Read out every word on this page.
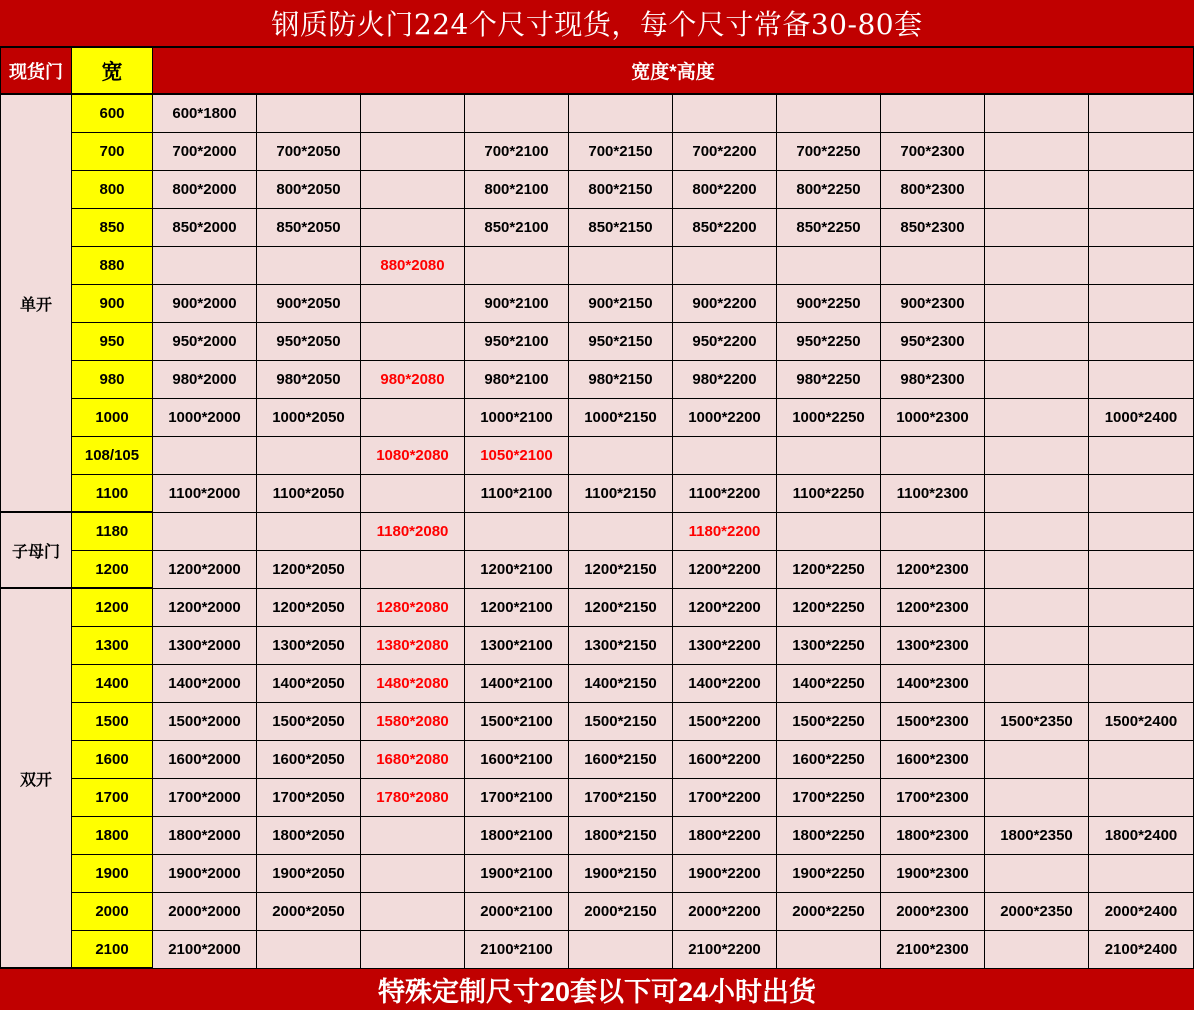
钢质防火门224个尺寸现货，每个尺寸常备30-80套
现货门	宽	宽度*高度
单开
600	600*1800
700	700*2000	700*2050	700*2100	700*2150	700*2200	700*2250	700*2300
800	800*2000	800*2050	800*2100	800*2150	800*2200	800*2250	800*2300
850	850*2000	850*2050	850*2100	850*2150	850*2200	850*2250	850*2300
880	880*2080
900	900*2000	900*2050	900*2100	900*2150	900*2200	900*2250	900*2300
950	950*2000	950*2050	950*2100	950*2150	950*2200	950*2250	950*2300
980	980*2000	980*2050	980*2080	980*2100	980*2150	980*2200	980*2250	980*2300
1000	1000*2000	1000*2050	1000*2100	1000*2150	1000*2200	1000*2250	1000*2300	1000*2400
108/105	1080*2080	1050*2100
1100	1100*2000	1100*2050	1100*2100	1100*2150	1100*2200	1100*2250	1100*2300
子母门
1180	1180*2080	1180*2200
1200	1200*2000	1200*2050	1200*2100	1200*2150	1200*2200	1200*2250	1200*2300
双开
1200	1200*2000	1200*2050	1280*2080	1200*2100	1200*2150	1200*2200	1200*2250	1200*2300
1300	1300*2000	1300*2050	1380*2080	1300*2100	1300*2150	1300*2200	1300*2250	1300*2300
1400	1400*2000	1400*2050	1480*2080	1400*2100	1400*2150	1400*2200	1400*2250	1400*2300
1500	1500*2000	1500*2050	1580*2080	1500*2100	1500*2150	1500*2200	1500*2250	1500*2300	1500*2350	1500*2400
1600	1600*2000	1600*2050	1680*2080	1600*2100	1600*2150	1600*2200	1600*2250	1600*2300
1700	1700*2000	1700*2050	1780*2080	1700*2100	1700*2150	1700*2200	1700*2250	1700*2300
1800	1800*2000	1800*2050	1800*2100	1800*2150	1800*2200	1800*2250	1800*2300	1800*2350	1800*2400
1900	1900*2000	1900*2050	1900*2100	1900*2150	1900*2200	1900*2250	1900*2300
2000	2000*2000	2000*2050	2000*2100	2000*2150	2000*2200	2000*2250	2000*2300	2000*2350	2000*2400
2100	2100*2000	2100*2100	2100*2200	2100*2300	2100*2400
特殊定制尺寸20套以下可24小时出货
